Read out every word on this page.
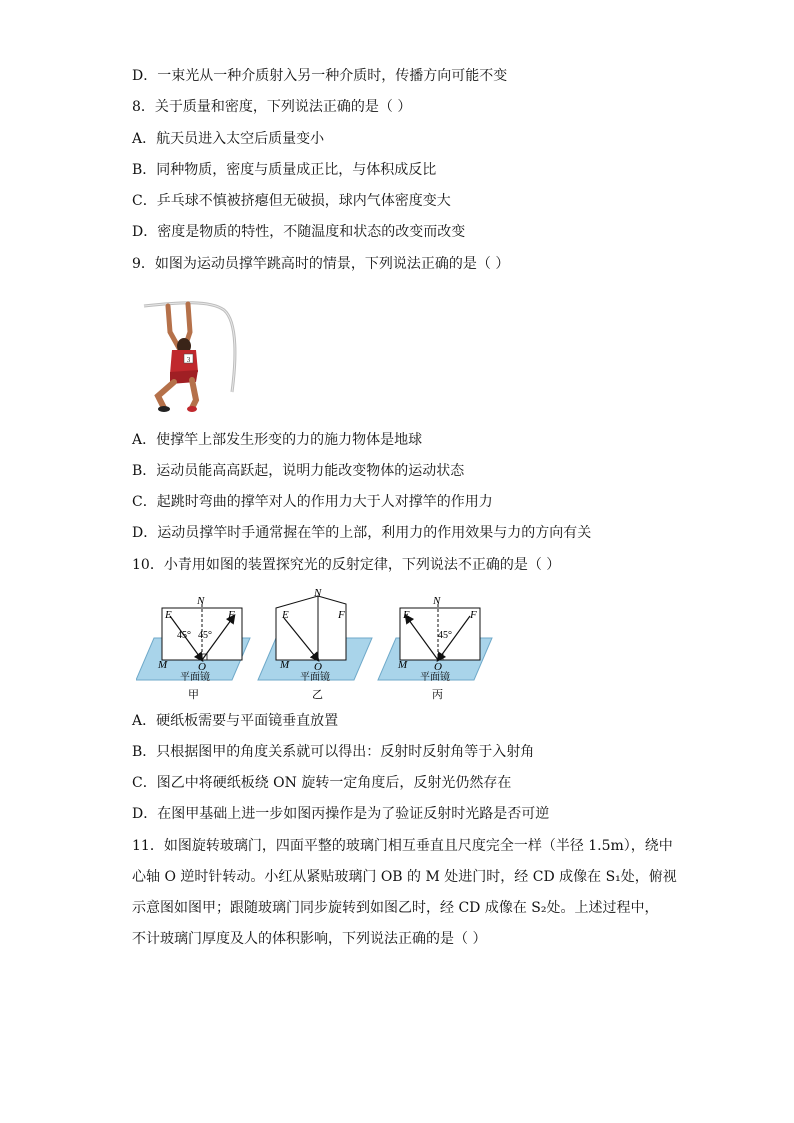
D．一束光从一种介质射入另一种介质时，传播方向可能不变
8．关于质量和密度，下列说法正确的是（ ）
A．航天员进入太空后质量变小
B．同种物质，密度与质量成正比，与体积成反比
C．乒乓球不慎被挤瘪但无破损，球内气体密度变大
D．密度是物质的特性，不随温度和状态的改变而改变
9．如图为运动员撑竿跳高时的情景，下列说法正确的是（ ）
3
A．使撑竿上部发生形变的力的施力物体是地球
B．运动员能高高跃起，说明力能改变物体的运动状态
C．起跳时弯曲的撑竿对人的作用力大于人对撑竿的作用力
D．运动员撑竿时手通常握在竿的上部，利用力的作用效果与力的方向有关
10．小青用如图的装置探究光的反射定律，下列说法不正确的是（ ）
N
E	F
45° 45°
M	O
平面镜
甲
N
E	F
M O
平面镜
乙
N
E	F
45°
M O
平面镜
丙
A．硬纸板需要与平面镜垂直放置
B．只根据图甲的角度关系就可以得出：反射时反射角等于入射角
C．图乙中将硬纸板绕 ON 旋转一定角度后，反射光仍然存在
D．在图甲基础上进一步如图丙操作是为了验证反射时光路是否可逆
11．如图旋转玻璃门，四面平整的玻璃门相互垂直且尺度完全一样（半径 1.5m），绕中
心轴 O 逆时针转动。小红从紧贴玻璃门 OB 的 M 处进门时，经 CD 成像在 S₁处，俯视
示意图如图甲；跟随玻璃门同步旋转到如图乙时，经 CD 成像在 S₂处。上述过程中，
不计玻璃门厚度及人的体积影响，下列说法正确的是（ ）
